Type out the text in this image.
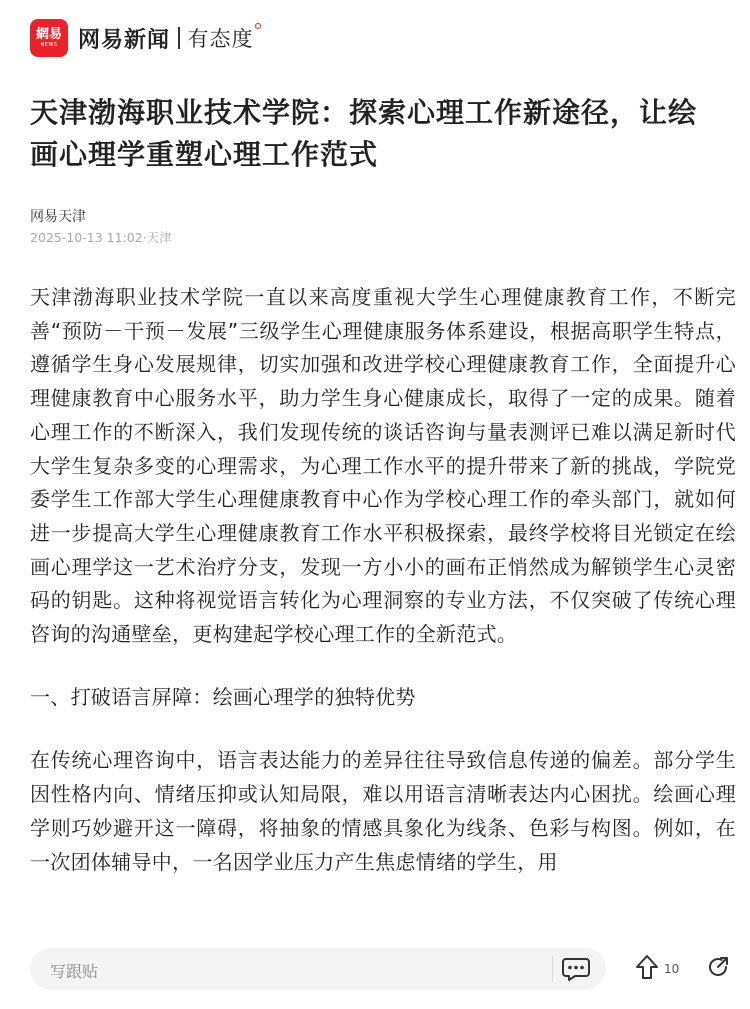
網易
NEWS 网易新闻 有态度
天津渤海职业技术学院：探索心理工作新途径，让绘画心理学重塑心理工作范式
网易天津
2025-10-13 11:02·天津

天津渤海职业技术学院一直以来高度重视大学生心理健康教育工作，不断完善“预防－干预－发展”三级学生心理健康服务体系建设，根据高职学生特点，遵循学生身心发展规律，切实加强和改进学校心理健康教育工作，全面提升心理健康教育中心服务水平，助力学生身心健康成长，取得了一定的成果。随着心理工作的不断深入，我们发现传统的谈话咨询与量表测评已难以满足新时代大学生复杂多变的心理需求，为心理工作水平的提升带来了新的挑战，学院党委学生工作部大学生心理健康教育中心作为学校心理工作的牵头部门，就如何进一步提高大学生心理健康教育工作水平积极探索，最终学校将目光锁定在绘画心理学这一艺术治疗分支，发现一方小小的画布正悄然成为解锁学生心灵密码的钥匙。这种将视觉语言转化为心理洞察的专业方法，不仅突破了传统心理咨询的沟通壁垒，更构建起学校心理工作的全新范式。

一、打破语言屏障：绘画心理学的独特优势

在传统心理咨询中，语言表达能力的差异往往导致信息传递的偏差。部分学生因性格内向、情绪压抑或认知局限，难以用语言清晰表达内心困扰。绘画心理学则巧妙避开这一障碍，将抽象的情感具象化为线条、色彩与构图。例如，在一次团体辅导中，一名因学业压力产生焦虑情绪的学生，用

写跟贴	10
